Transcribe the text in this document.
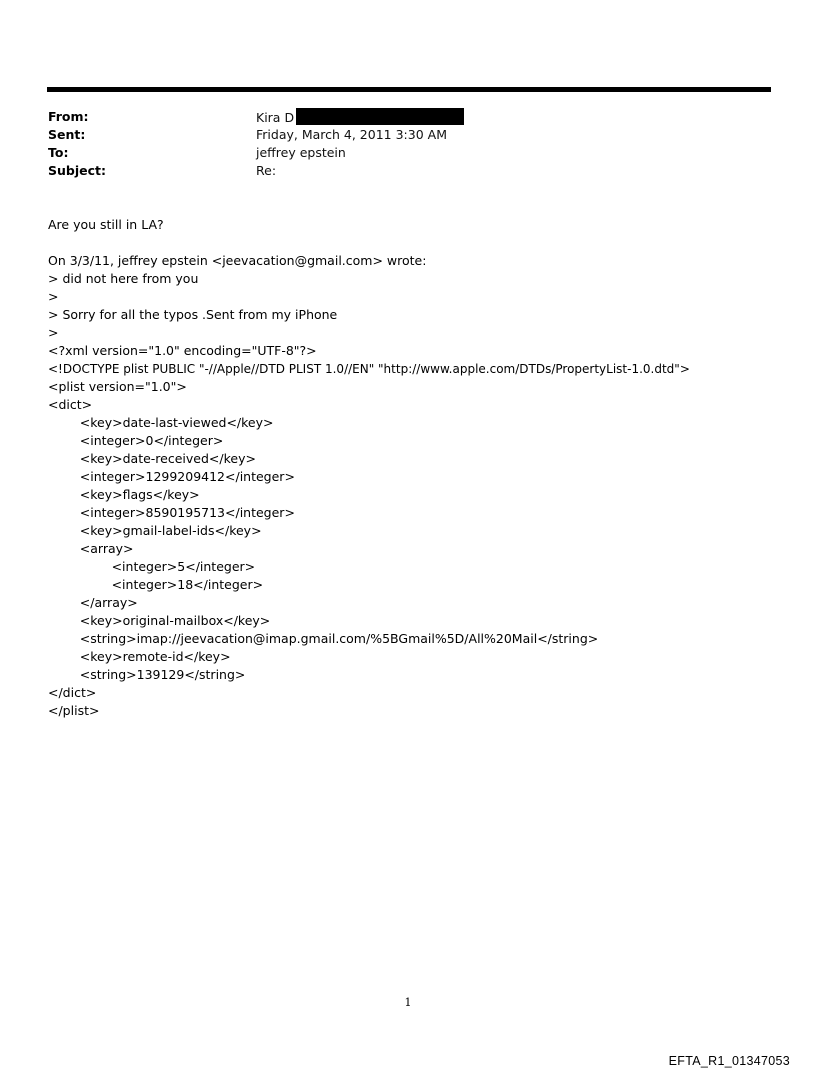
From:	Kira D
Sent:	Friday, March 4, 2011 3:30 AM
To:	jeffrey epstein
Subject:	Re:
Are you still in LA?
On 3/3/11, jeffrey epstein <jeevacation@gmail.com> wrote:
> did not here from you
>
> Sorry for all the typos .Sent from my iPhone
>
<?xml version="1.0" encoding="UTF-8"?>
<!DOCTYPE plist PUBLIC "-//Apple//DTD PLIST 1.0//EN" "http://www.apple.com/DTDs/PropertyList-1.0.dtd">
<plist version="1.0">
<dict>
<key>date-last-viewed</key>
<integer>0</integer>
<key>date-received</key>
<integer>1299209412</integer>
<key>flags</key>
<integer>8590195713</integer>
<key>gmail-label-ids</key>
<array>
<integer>5</integer>
<integer>18</integer>
</array>
<key>original-mailbox</key>
<string>imap://jeevacation@imap.gmail.com/%5BGmail%5D/All%20Mail</string>
<key>remote-id</key>
<string>139129</string>
</dict>
</plist>
1
EFTA_R1_01347053
